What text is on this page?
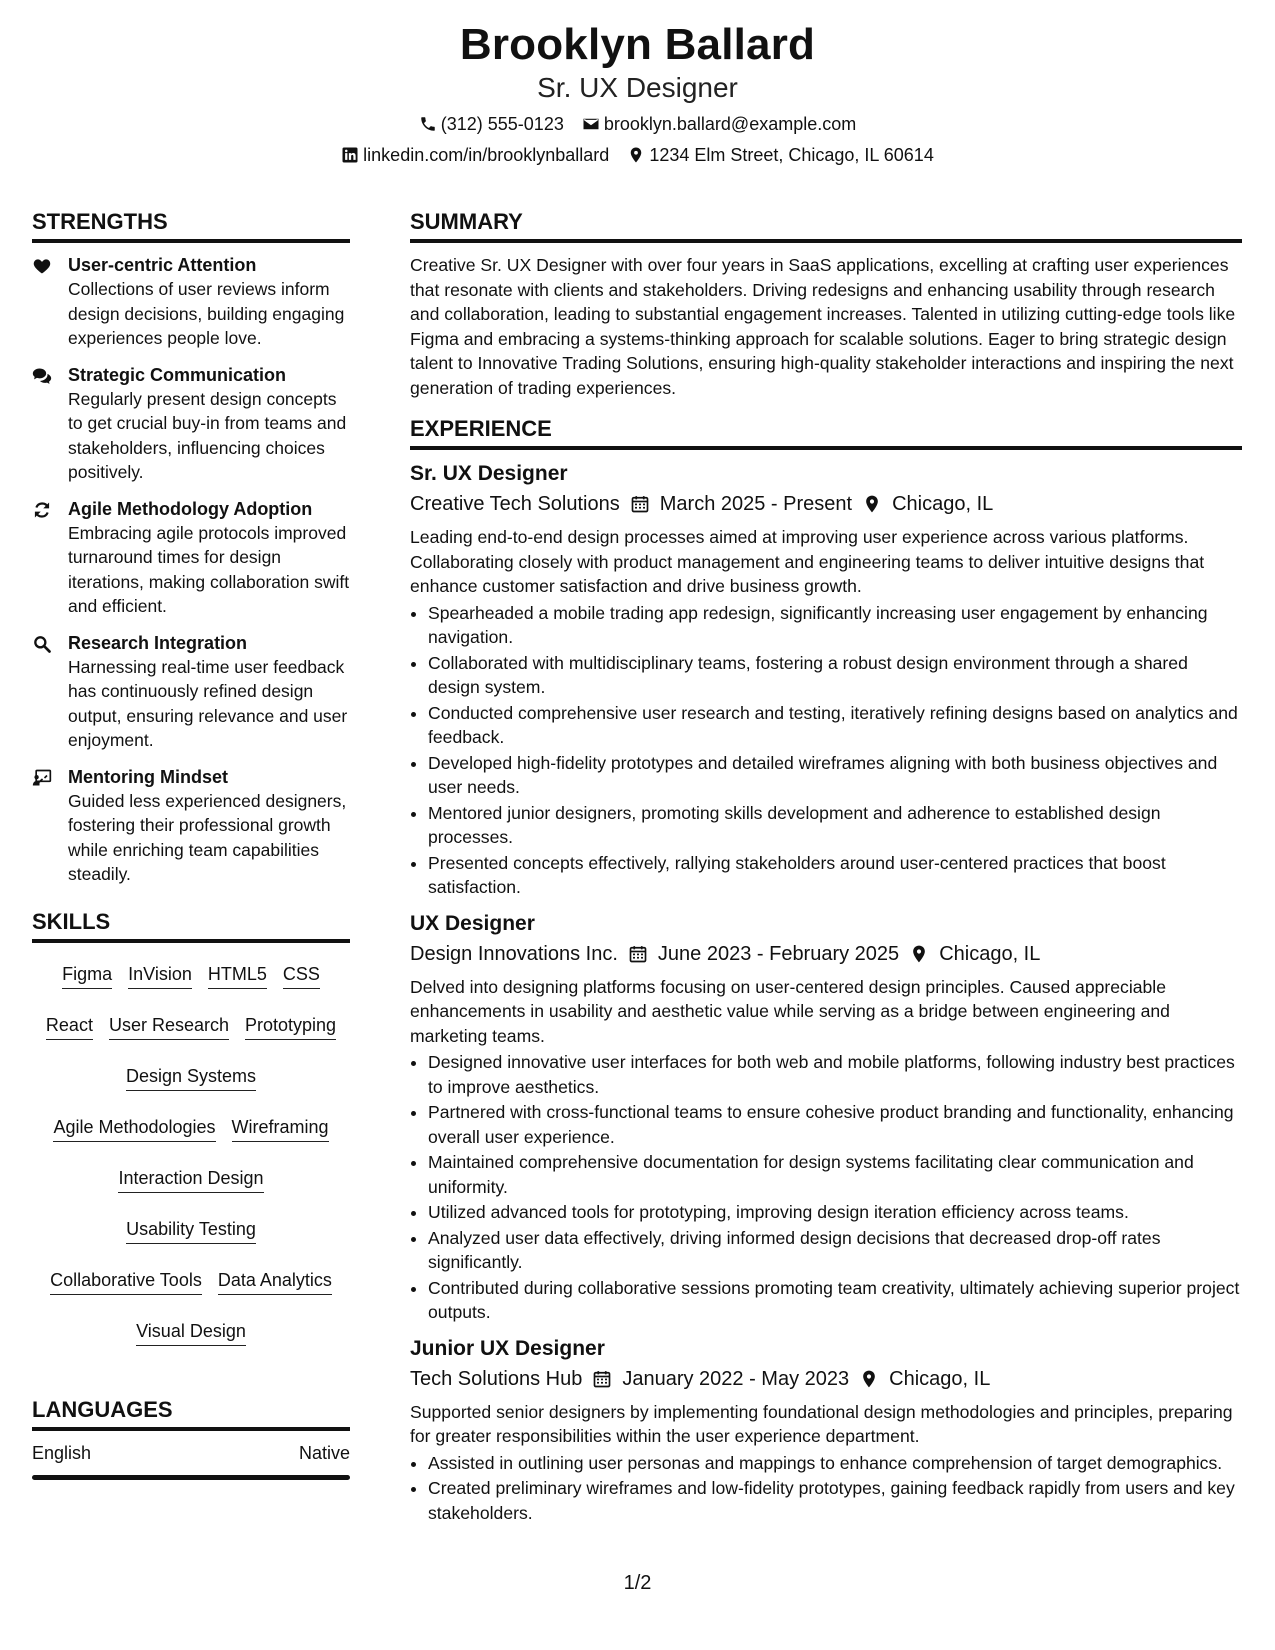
Brooklyn Ballard
Sr. UX Designer
(312) 555-0123 brooklyn.ballard@example.com
linkedin.com/in/brooklynballard 1234 Elm Street, Chicago, IL 60614
STRENGTHS
User-centric Attention
Collections of user reviews inform design decisions, building engaging experiences people love.
Strategic Communication
Regularly present design concepts to get crucial buy-in from teams and stakeholders, influencing choices positively.
Agile Methodology Adoption
Embracing agile protocols improved turnaround times for design iterations, making collaboration swift and efficient.
Research Integration
Harnessing real-time user feedback has continuously refined design output, ensuring relevance and user enjoyment.
Mentoring Mindset
Guided less experienced designers, fostering their professional growth while enriching team capabilities steadily.
SKILLS
Figma InVision HTML5 CSS
React User Research Prototyping
Design Systems
Agile Methodologies Wireframing
Interaction Design
Usability Testing
Collaborative Tools Data Analytics
Visual Design
LANGUAGES
English	Native
SUMMARY
Creative Sr. UX Designer with over four years in SaaS applications, excelling at crafting user experiences that resonate with clients and stakeholders. Driving redesigns and enhancing usability through research and collaboration, leading to substantial engagement increases. Talented in utilizing cutting-edge tools like Figma and embracing a systems-thinking approach for scalable solutions. Eager to bring strategic design talent to Innovative Trading Solutions, ensuring high-quality stakeholder interactions and inspiring the next generation of trading experiences.
EXPERIENCE
Sr. UX Designer
Creative Tech Solutions March 2025 - Present Chicago, IL
Leading end-to-end design processes aimed at improving user experience across various platforms. Collaborating closely with product management and engineering teams to deliver intuitive designs that enhance customer satisfaction and drive business growth.
• Spearheaded a mobile trading app redesign, significantly increasing user engagement by enhancing navigation.
• Collaborated with multidisciplinary teams, fostering a robust design environment through a shared design system.
• Conducted comprehensive user research and testing, iteratively refining designs based on analytics and feedback.
• Developed high-fidelity prototypes and detailed wireframes aligning with both business objectives and user needs.
• Mentored junior designers, promoting skills development and adherence to established design processes.
• Presented concepts effectively, rallying stakeholders around user-centered practices that boost satisfaction.
UX Designer
Design Innovations Inc. June 2023 - February 2025 Chicago, IL
Delved into designing platforms focusing on user-centered design principles. Caused appreciable enhancements in usability and aesthetic value while serving as a bridge between engineering and marketing teams.
• Designed innovative user interfaces for both web and mobile platforms, following industry best practices to improve aesthetics.
• Partnered with cross-functional teams to ensure cohesive product branding and functionality, enhancing overall user experience.
• Maintained comprehensive documentation for design systems facilitating clear communication and uniformity.
• Utilized advanced tools for prototyping, improving design iteration efficiency across teams.
• Analyzed user data effectively, driving informed design decisions that decreased drop-off rates significantly.
• Contributed during collaborative sessions promoting team creativity, ultimately achieving superior project outputs.
Junior UX Designer
Tech Solutions Hub January 2022 - May 2023 Chicago, IL
Supported senior designers by implementing foundational design methodologies and principles, preparing for greater responsibilities within the user experience department.
• Assisted in outlining user personas and mappings to enhance comprehension of target demographics.
• Created preliminary wireframes and low-fidelity prototypes, gaining feedback rapidly from users and key stakeholders.
1/2
